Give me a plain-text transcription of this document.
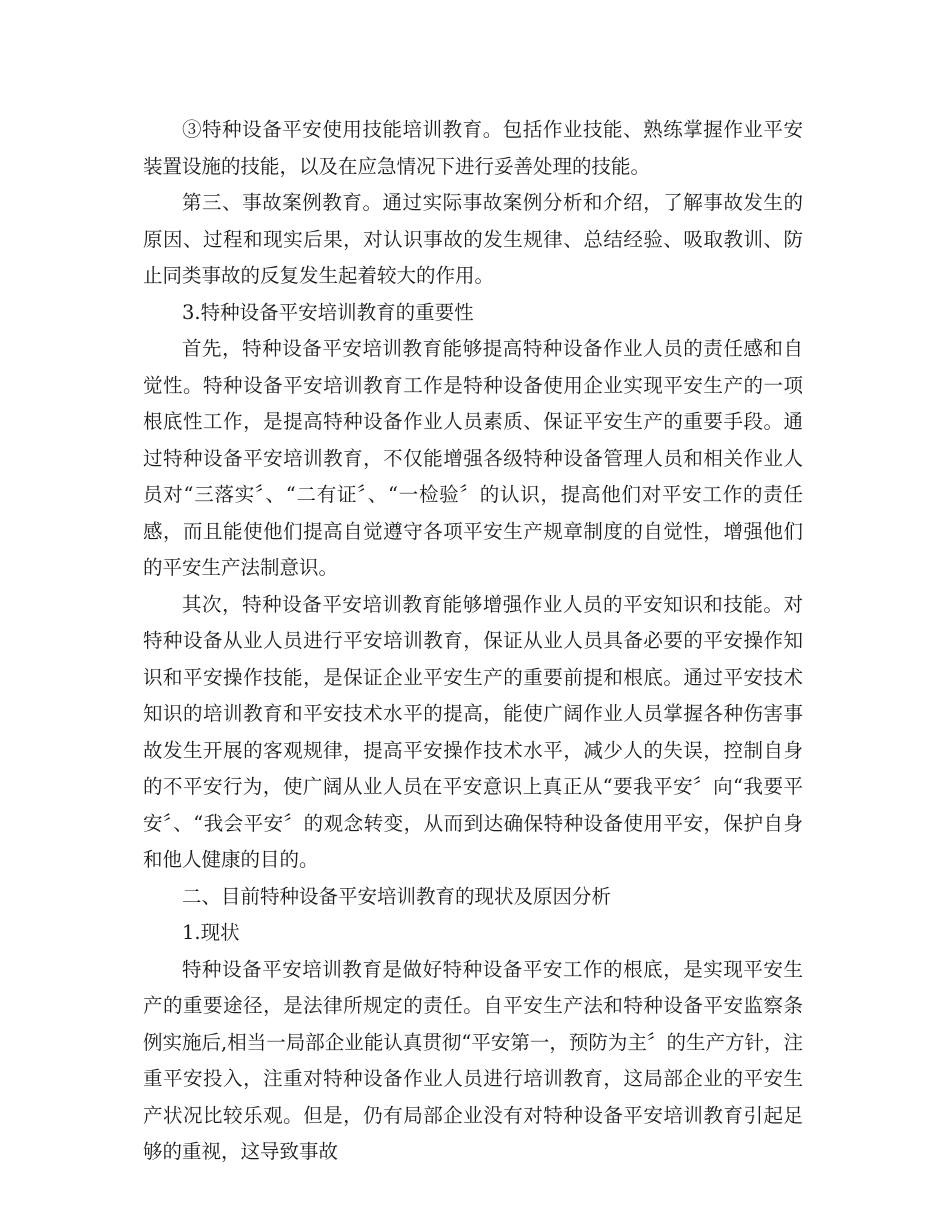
③特种设备平安使用技能培训教育。包括作业技能、熟练掌握作业平安装置设施的技能，以及在应急情况下进行妥善处理的技能。

第三、事故案例教育。通过实际事故案例分析和介绍，了解事故发生的原因、过程和现实后果，对认识事故的发生规律、总结经验、吸取教训、防止同类事故的反复发生起着较大的作用。

3.特种设备平安培训教育的重要性

首先，特种设备平安培训教育能够提高特种设备作业人员的责任感和自觉性。特种设备平安培训教育工作是特种设备使用企业实现平安生产的一项根底性工作，是提高特种设备作业人员素质、保证平安生产的重要手段。通过特种设备平安培训教育，不仅能增强各级特种设备管理人员和相关作业人员对“三落实〞、“二有证〞、“一检验〞的认识，提高他们对平安工作的责任感，而且能使他们提高自觉遵守各项平安生产规章制度的自觉性，增强他们的平安生产法制意识。

其次，特种设备平安培训教育能够增强作业人员的平安知识和技能。对特种设备从业人员进行平安培训教育，保证从业人员具备必要的平安操作知识和平安操作技能，是保证企业平安生产的重要前提和根底。通过平安技术知识的培训教育和平安技术水平的提高，能使广阔作业人员掌握各种伤害事故发生开展的客观规律，提高平安操作技术水平，减少人的失误，控制自身的不平安行为，使广阔从业人员在平安意识上真正从“要我平安〞向“我要平安〞、“我会平安〞的观念转变，从而到达确保特种设备使用平安，保护自身和他人健康的目的。

二、目前特种设备平安培训教育的现状及原因分析

1.现状

特种设备平安培训教育是做好特种设备平安工作的根底，是实现平安生产的重要途径，是法律所规定的责任。自平安生产法和特种设备平安监察条例实施后,相当一局部企业能认真贯彻“平安第一，预防为主〞的生产方针，注重平安投入，注重对特种设备作业人员进行培训教育，这局部企业的平安生产状况比较乐观。但是，仍有局部企业没有对特种设备平安培训教育引起足够的重视，这导致事故
